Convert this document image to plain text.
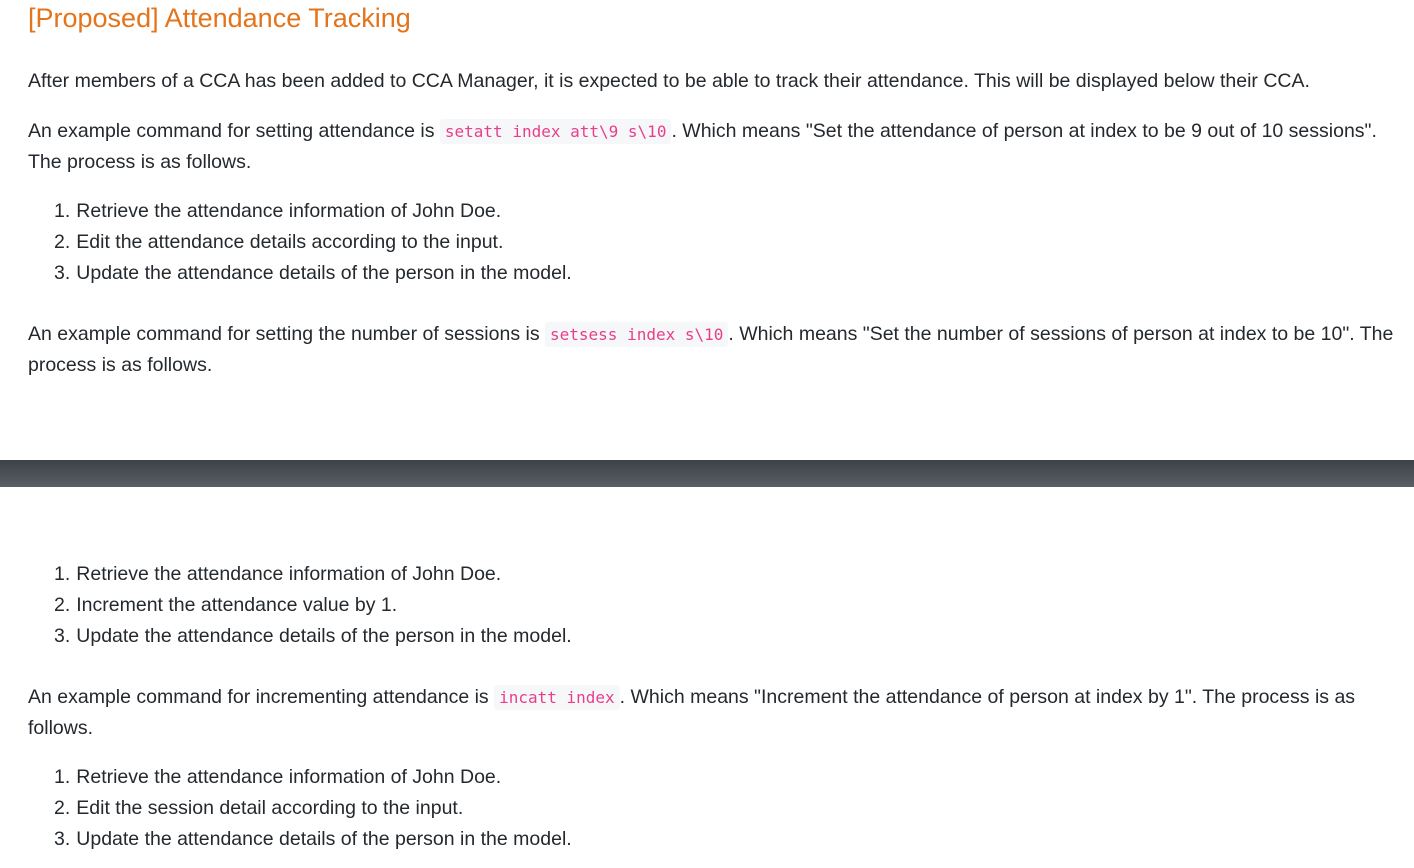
[Proposed] Attendance Tracking

After members of a CCA has been added to CCA Manager, it is expected to be able to track their attendance. This will be displayed below their CCA.

An example command for setting attendance is setatt index att\9 s\10 . Which means "Set the attendance of person at index to be 9 out of 10 sessions". The process is as follows.

1. Retrieve the attendance information of John Doe.
2. Edit the attendance details according to the input.
3. Update the attendance details of the person in the model.

An example command for setting the number of sessions is setsess index s\10 . Which means "Set the number of sessions of person at index to be 10". The process is as follows.

1. Retrieve the attendance information of John Doe.
2. Increment the attendance value by 1.
3. Update the attendance details of the person in the model.

An example command for incrementing attendance is incatt index . Which means "Increment the attendance of person at index by 1". The process is as follows.

1. Retrieve the attendance information of John Doe.
2. Edit the session detail according to the input.
3. Update the attendance details of the person in the model.
